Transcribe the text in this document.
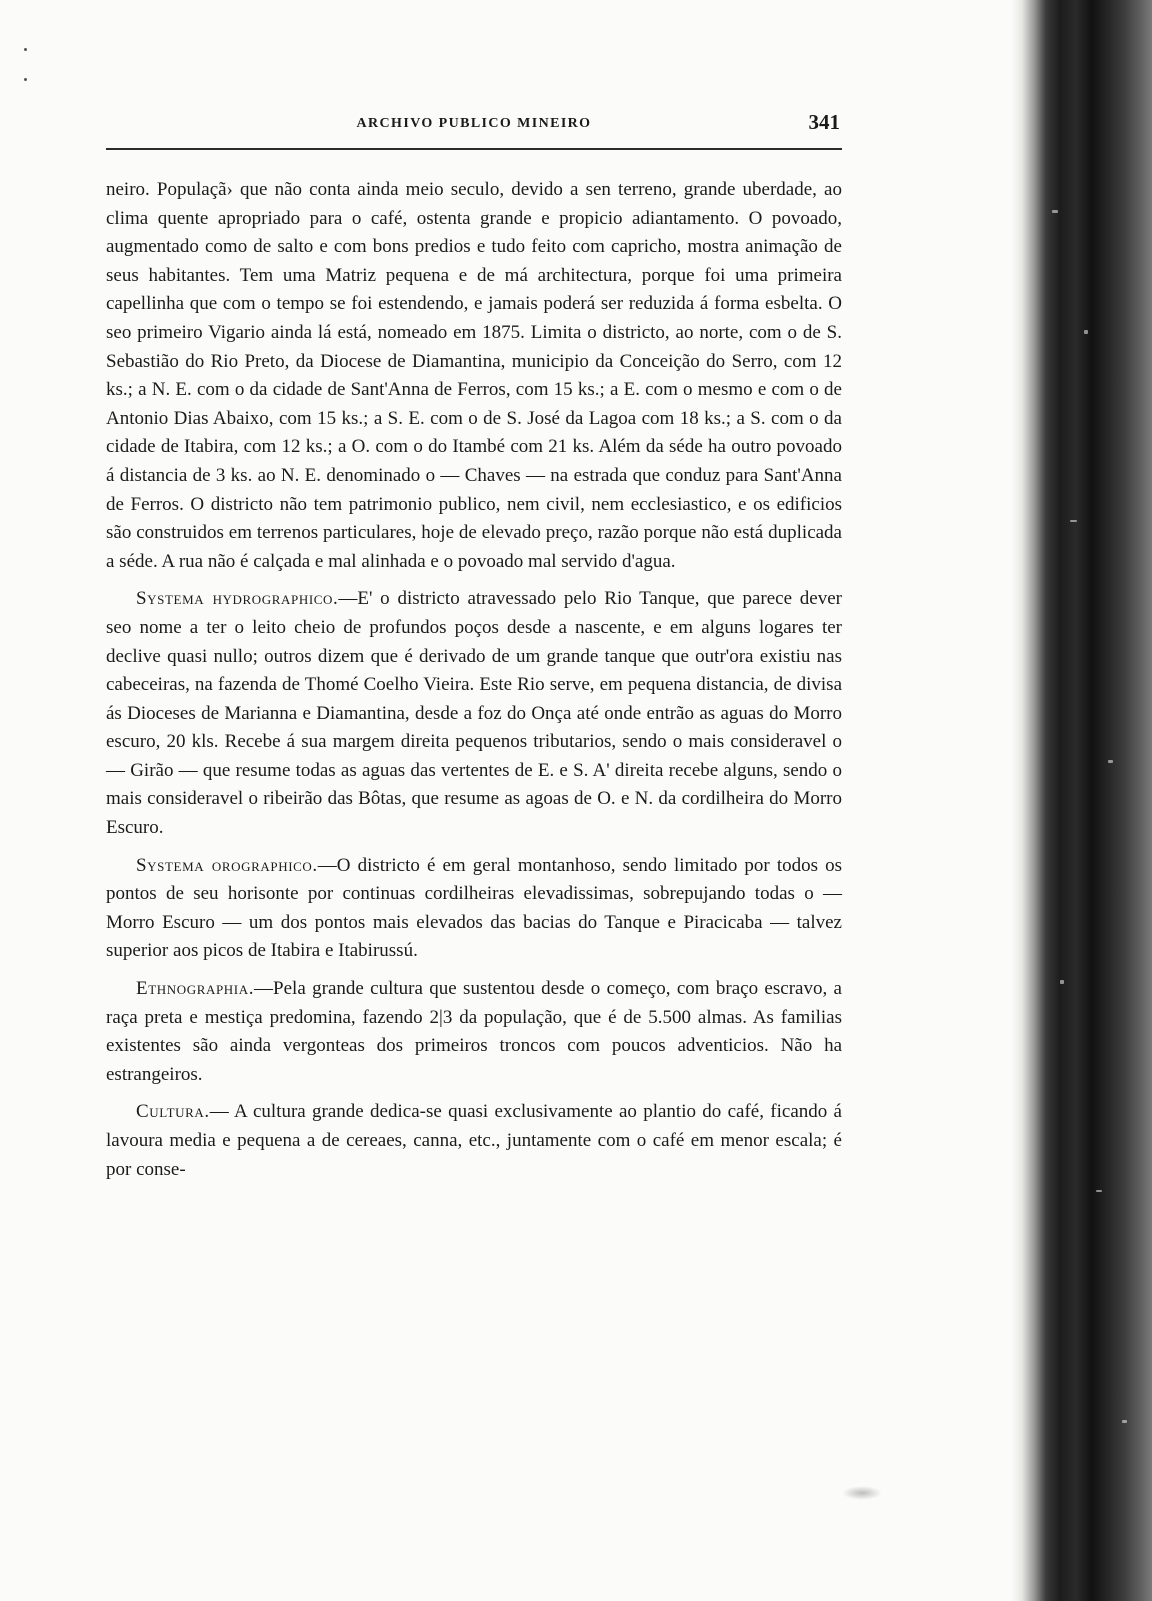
ARCHIVO PUBLICO MINEIRO	341

neiro. Populaçã› que não conta ainda meio seculo, devido a sen terreno, grande uberdade, ao clima quente apropriado para o café, ostenta grande e propicio adiantamento. O povoado, augmentado como de salto e com bons predios e tudo feito com capricho, mostra animação de seus habitantes. Tem uma Matriz pequena e de má architectura, porque foi uma primeira capellinha que com o tempo se foi estendendo, e jamais poderá ser reduzida á forma esbelta. O seo primeiro Vigario ainda lá está, nomeado em 1875. Limita o districto, ao norte, com o de S. Sebastião do Rio Preto, da Diocese de Diamantina, municipio da Conceição do Serro, com 12 ks.; a N. E. com o da cidade de Sant'Anna de Ferros, com 15 ks.; a E. com o mesmo e com o de Antonio Dias Abaixo, com 15 ks.; a S. E. com o de S. José da Lagoa com 18 ks.; a S. com o da cidade de Itabira, com 12 ks.; a O. com o do Itambé com 21 ks. Além da séde ha outro povoado á distancia de 3 ks. ao N. E. denominado o — Chaves — na estrada que conduz para Sant'Anna de Ferros. O districto não tem patrimonio publico, nem civil, nem ecclesiastico, e os edificios são construidos em terrenos particulares, hoje de elevado preço, razão porque não está duplicada a séde. A rua não é calçada e mal alinhada e o povoado mal servido d'agua.

Systema hydrographico.—E' o districto atravessado pelo Rio Tanque, que parece dever seo nome a ter o leito cheio de profundos poços desde a nascente, e em alguns logares ter declive quasi nullo; outros dizem que é derivado de um grande tanque que outr'ora existiu nas cabeceiras, na fazenda de Thomé Coelho Vieira. Este Rio serve, em pequena distancia, de divisa ás Dioceses de Marianna e Diamantina, desde a foz do Onça até onde entrão as aguas do Morro escuro, 20 kls. Recebe á sua margem direita pequenos tributarios, sendo o mais consideravel o — Girão — que resume todas as aguas das vertentes de E. e S. A' direita recebe alguns, sendo o mais consideravel o ribeirão das Bôtas, que resume as agoas de O. e N. da cordilheira do Morro Escuro.

Systema orographico.—O districto é em geral montanhoso, sendo limitado por todos os pontos de seu horisonte por continuas cordilheiras elevadissimas, sobrepujando todas o — Morro Escuro — um dos pontos mais elevados das bacias do Tanque e Piracicaba — talvez superior aos picos de Itabira e Itabirussú.

Ethnographia.—Pela grande cultura que sustentou desde o começo, com braço escravo, a raça preta e mestiça predomina, fazendo 2|3 da população, que é de 5.500 almas. As familias existentes são ainda vergonteas dos primeiros troncos com poucos adventicios. Não ha estrangeiros.

Cultura.— A cultura grande dedica-se quasi exclusivamente ao plantio do café, ficando á lavoura media e pequena a de cereaes, canna, etc., juntamente com o café em menor escala; é por conse-
